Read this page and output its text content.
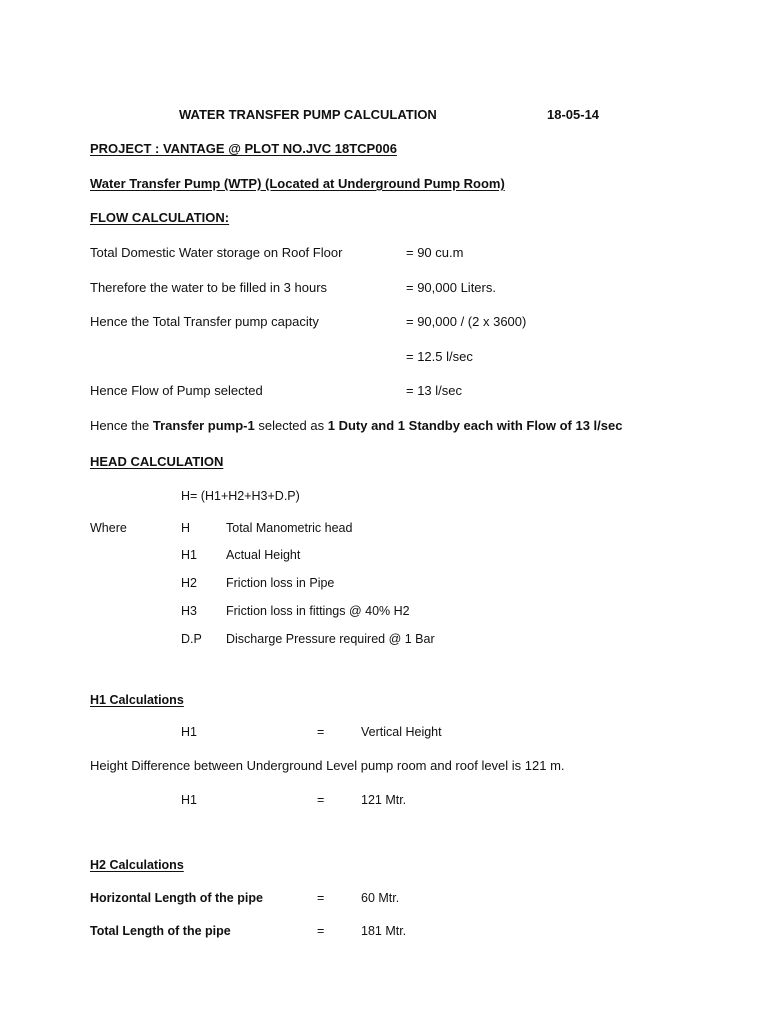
WATER TRANSFER PUMP CALCULATION	18-05-14
PROJECT : VANTAGE @ PLOT NO.JVC 18TCP006
Water Transfer Pump (WTP) (Located at Underground Pump Room)
FLOW CALCULATION:
Total Domestic Water storage on Roof Floor	= 90 cu.m
Therefore the water to be filled in 3 hours	= 90,000 Liters.
Hence the Total Transfer pump capacity	= 90,000 / (2 x 3600)
= 12.5 l/sec
Hence Flow of Pump selected	= 13 l/sec
Hence the Transfer pump-1 selected as 1 Duty and 1 Standby each with Flow of 13 l/sec
HEAD CALCULATION
H= (H1+H2+H3+D.P)
Where	H	Total Manometric head
H1 Actual Height
H2 Friction loss in Pipe
H3 Friction loss in fittings @ 40% H2
D.P Discharge Pressure required @ 1 Bar
H1 Calculations
H1	=	Vertical Height
Height Difference between Underground Level pump room and roof level is 121 m.
H1	=	121 Mtr.
H2 Calculations
Horizontal Length of the pipe	=	60 Mtr.
Total Length of the pipe	=	181 Mtr.
